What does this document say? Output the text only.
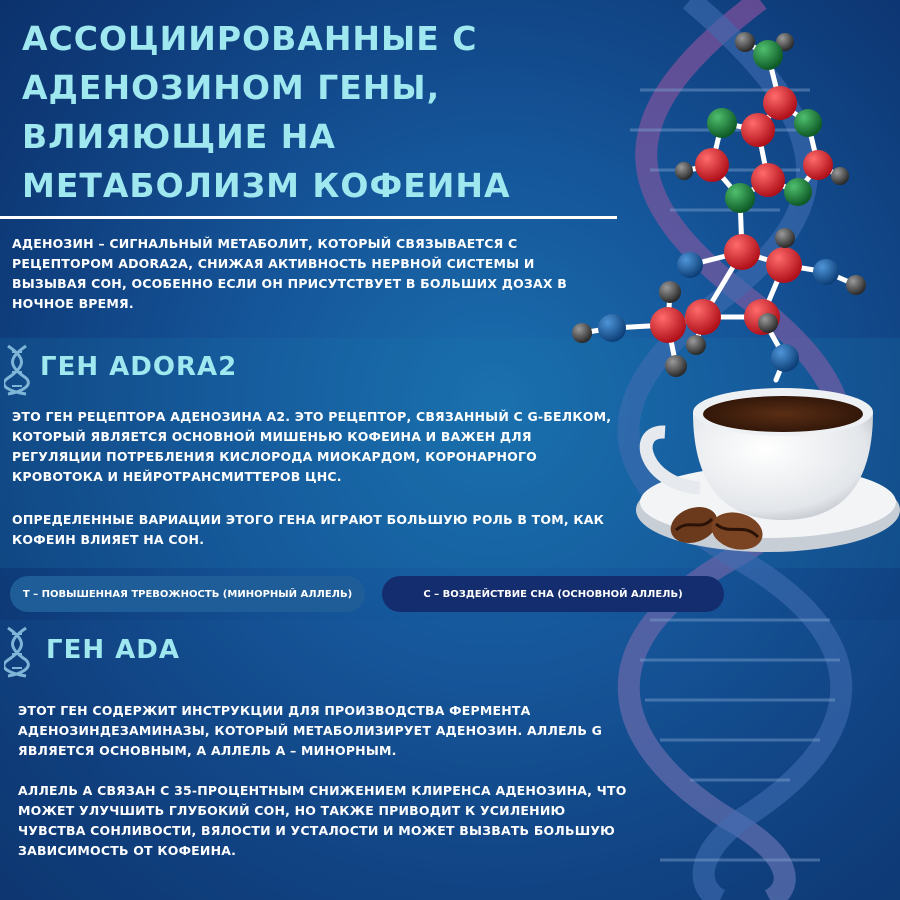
АССОЦИИРОВАННЫЕ С АДЕНОЗИНОМ ГЕНЫ, ВЛИЯЮЩИЕ НА МЕТАБОЛИЗМ КОФЕИНА
АДЕНОЗИН – СИГНАЛЬНЫЙ МЕТАБОЛИТ, КОТОРЫЙ СВЯЗЫВАЕТСЯ С РЕЦЕПТОРОМ ADORA2A, СНИЖАЯ АКТИВНОСТЬ НЕРВНОЙ СИСТЕМЫ И ВЫЗЫВАЯ СОН, ОСОБЕННО ЕСЛИ ОН ПРИСУТСТВУЕТ В БОЛЬШИХ ДОЗАХ В НОЧНОЕ ВРЕМЯ.
ГЕН ADORA2
ЭТО ГЕН РЕЦЕПТОРА АДЕНОЗИНА A2. ЭТО РЕЦЕПТОР, СВЯЗАННЫЙ С G-БЕЛКОМ, КОТОРЫЙ ЯВЛЯЕТСЯ ОСНОВНОЙ МИШЕНЬЮ КОФЕИНА И ВАЖЕН ДЛЯ РЕГУЛЯЦИИ ПОТРЕБЛЕНИЯ КИСЛОРОДА МИОКАРДОМ, КОРОНАРНОГО КРОВОТОКА И НЕЙРОТРАНСМИТТЕРОВ ЦНС.
ОПРЕДЕЛЕННЫЕ ВАРИАЦИИ ЭТОГО ГЕНА ИГРАЮТ БОЛЬШУЮ РОЛЬ В ТОМ, КАК КОФЕИН ВЛИЯЕТ НА СОН.
T – ПОВЫШЕННАЯ ТРЕВОЖНОСТЬ (МИНОРНЫЙ АЛЛЕЛЬ)	C – ВОЗДЕЙСТВИЕ СНА (ОСНОВНОЙ АЛЛЕЛЬ)
ГЕН ADA
ЭТОТ ГЕН СОДЕРЖИТ ИНСТРУКЦИИ ДЛЯ ПРОИЗВОДСТВА ФЕРМЕНТА АДЕНОЗИНДЕЗАМИНАЗЫ, КОТОРЫЙ МЕТАБОЛИЗИРУЕТ АДЕНОЗИН. АЛЛЕЛЬ G ЯВЛЯЕТСЯ ОСНОВНЫМ, А АЛЛЕЛЬ A – МИНОРНЫМ.
АЛЛЕЛЬ A СВЯЗАН С 35-ПРОЦЕНТНЫМ СНИЖЕНИЕМ КЛИРЕНСА АДЕНОЗИНА, ЧТО МОЖЕТ УЛУЧШИТЬ ГЛУБОКИЙ СОН, НО ТАКЖЕ ПРИВОДИТ К УСИЛЕНИЮ ЧУВСТВА СОНЛИВОСТИ, ВЯЛОСТИ И УСТАЛОСТИ И МОЖЕТ ВЫЗВАТЬ БОЛЬШУЮ ЗАВИСИМОСТЬ ОТ КОФЕИНА.
